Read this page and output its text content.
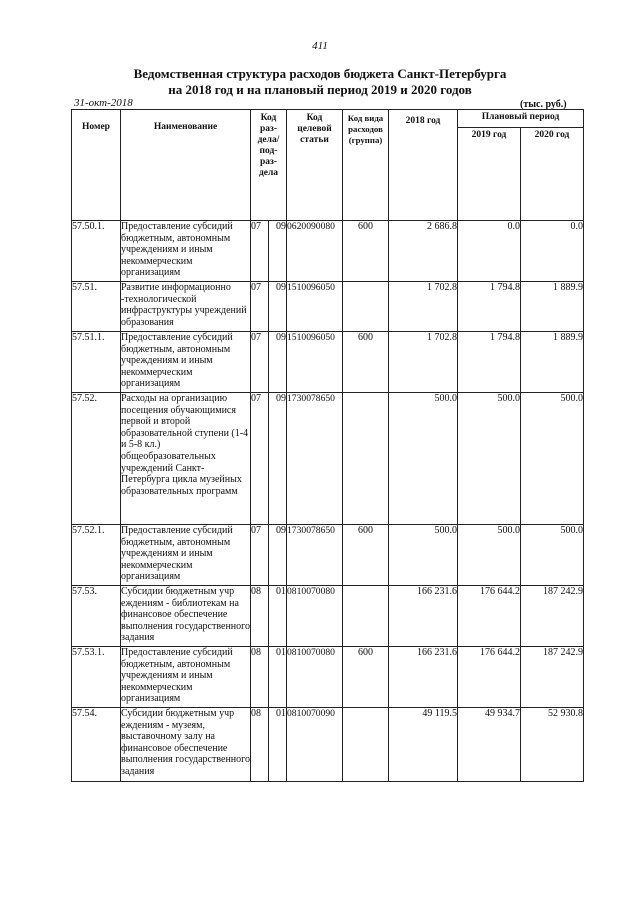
411
Ведомственная структура расходов бюджета Санкт-Петербурга
на 2018 год и на плановый период 2019 и 2020 годов
31-окт-2018	(тыс. руб.)
Номер	Наименование	Код раз- дела/ под- раз- дела		Код целевой статьи	Код вида расходов (группа)	2018 год	Плановый период	

							2019 год	2020 год

57.50.1.	Предоставление субсидий бюджетным, автономным учреждениям и иным некоммерческим организациям	07	09	0620090080	600	2 686.8	0.0	0.0
57.51.	Развитие информационно -технологической инфраструктуры учреждений образования	07	09	1510096050		1 702.8	1 794.8	1 889.9
57.51.1.	Предоставление субсидий бюджетным, автономным учреждениям и иным некоммерческим организациям	07	09	1510096050	600	1 702.8	1 794.8	1 889.9
57.52.	Расходы на организацию посещения обучающимися первой и второй образовательной ступени (1-4 и 5-8 кл.) общеобразовательных учреждений Санкт-Петербурга цикла музейных образовательных программ	07	09	1730078650		500.0	500.0	500.0
57.52.1.	Предоставление субсидий бюджетным, автономным учреждениям и иным некоммерческим организациям	07	09	1730078650	600	500.0	500.0	500.0
57.53.	Субсидии бюджетным учр еждениям - библиотекам на финансовое обеспечение выполнения государственного задания	08	01	0810070080		166 231.6	176 644.2	187 242.9
57.53.1.	Предоставление субсидий бюджетным, автономным учреждениям и иным некоммерческим организациям	08	01	0810070080	600	166 231.6	176 644.2	187 242.9
57.54.	Субсидии бюджетным учр еждениям - музеям, выставочному залу на финансовое обеспечение выполнения государственного задания	08	01	0810070090		49 119.5	49 934.7	52 930.8
